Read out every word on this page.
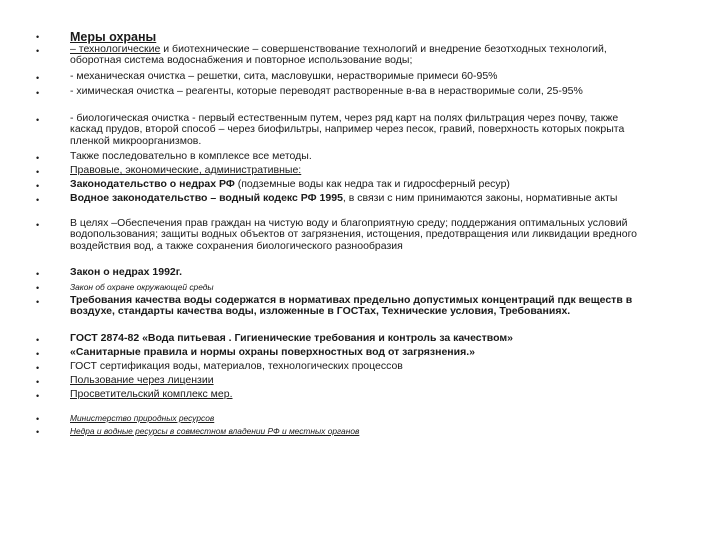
• Меры охраны
•	– технологические и биотехнические – совершенствование технологий и внедрение безотходных технологий, оборотная система водоснабжения и повторное использование воды;
•	- механическая очистка – решетки, сита, масловушки, нерастворимые примеси 60-95%
•	- химическая очистка – реагенты, которые переводят растворенные в-ва в нерастворимые соли, 25-95%
•	- биологическая очистка - первый естественным путем, через ряд карт на полях фильтрация через почву, также каскад прудов, второй способ – через биофильтры, например через песок, гравий, поверхность которых покрыта пленкой микроорганизмов.
•	Также последовательно в комплексе все методы.
•	Правовые, экономические, административные:
•	Законодательство о недрах РФ (подземные воды как недра так и гидросферный ресур)
•	Водное законодательство – водный кодекс РФ 1995, в связи с ним принимаются законы, нормативные акты
•	В целях –Обеспечения прав граждан на чистую воду и благоприятную среду; поддержания оптимальных условий водопользования; защиты водных объектов от загрязнения, истощения, предотвращения или ликвидации вредного воздействия вод, а также сохранения биологического разнообразия
•	Закон о недрах 1992г.
•	Закон об охране окружающей среды
•	Требования качества воды содержатся в нормативах предельно допустимых концентраций пдк веществ в воздухе, стандарты качества воды, изложенные в ГОСТах, Технические условия, Требованиях.
•	ГОСТ 2874-82 «Вода питьевая . Гигиенические требования и контроль за качеством»
•	«Санитарные правила и нормы охраны поверхностных вод от загрязнения.»
•	ГОСТ сертификация воды, материалов, технологических процессов
•	Пользование через лицензии
•	Просветительский комплекс мер.
•	Министерство природных ресурсов
•	Недра и водные ресурсы в совместном владении РФ и местных органов
